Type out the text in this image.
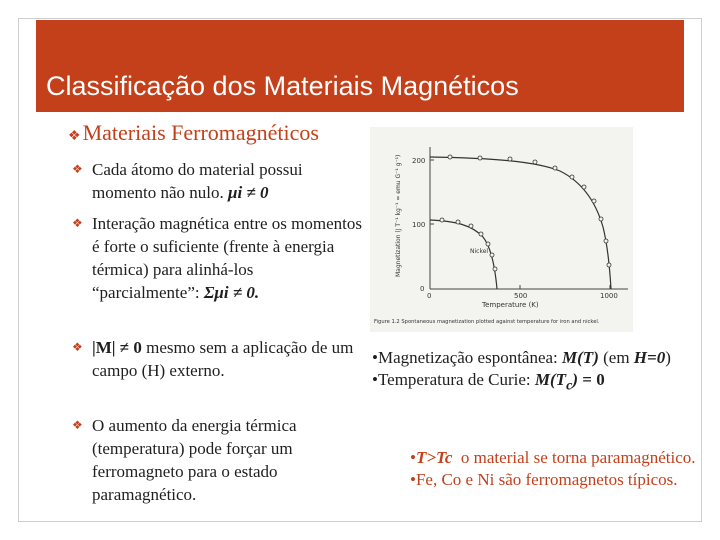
Classificação dos Materiais Magnéticos
❖Materiais Ferromagnéticos
❖ Cada átomo do material possui momento não nulo. μi ≠ 0
❖ Interação magnética entre os momentos é forte o suficiente (frente à energia térmica) para alinhá-los “parcialmente”: Σμi ≠ 0.
❖ |M| ≠ 0 mesmo sem a aplicação de um campo (H) externo.
❖ O aumento da energia térmica (temperatura) pode forçar um ferromagneto para o estado paramagnético.
200
100
0
0	500	1000
Magnetization (J T⁻¹ kg⁻¹ = emu G⁻¹ g⁻¹)
Temperature (K)
Nickel
Figure 1.2 Spontaneous magnetization plotted against temperature for iron and nickel.

•Magnetização espontânea: M(T) (em H=0)

•Temperatura de Curie: $M(T_c) = 0$

•T>Tc  o material se torna paramagnético.

•Fe, Co e Ni são ferromagnetos típicos.
